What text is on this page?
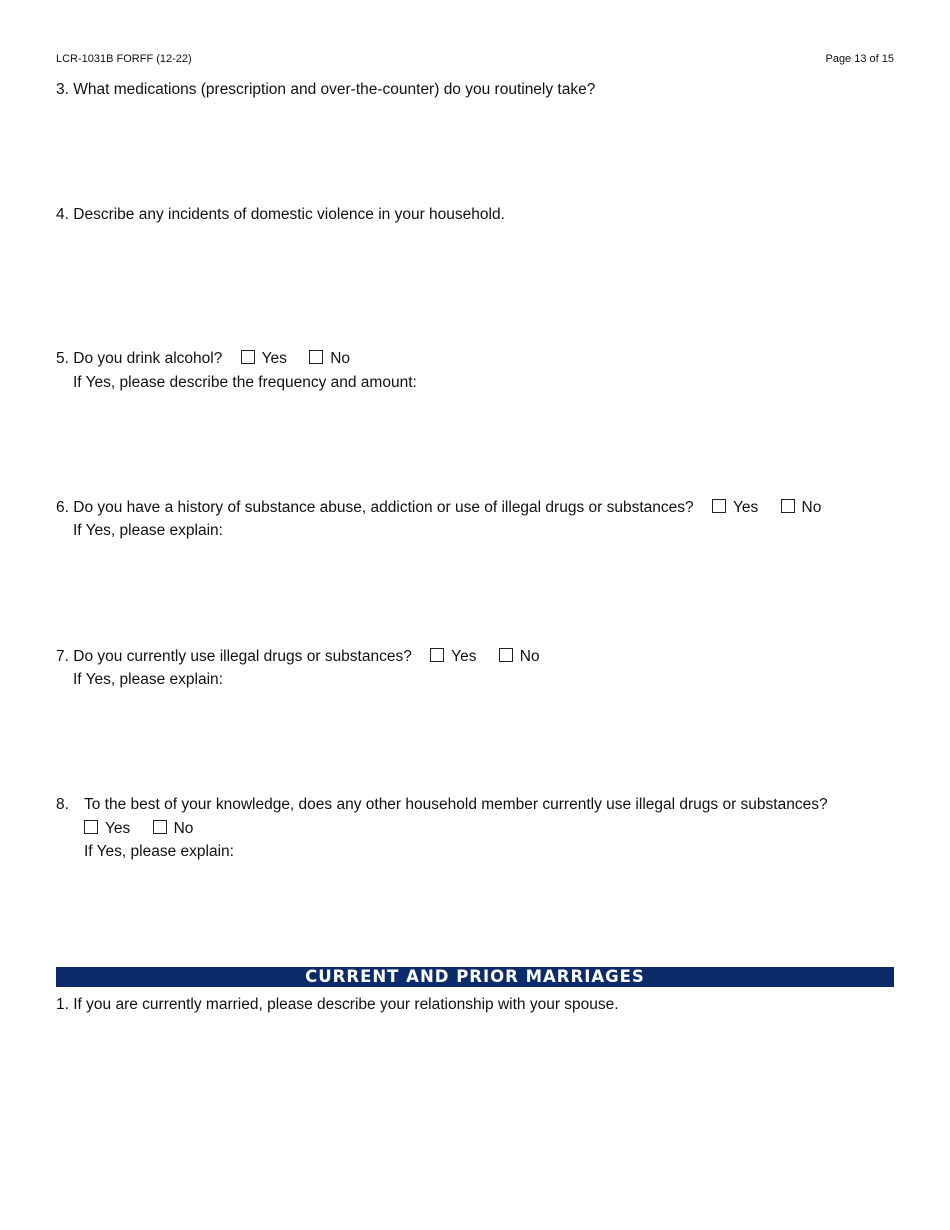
LCR-1031B FORFF (12-22)	Page 13 of 15
3. What medications (prescription and over-the-counter) do you routinely take?
4. Describe any incidents of domestic violence in your household.
5. Do you drink alcohol?	Yes	No
If Yes, please describe the frequency and amount:
6. Do you have a history of substance abuse, addiction or use of illegal drugs or substances?	Yes	No
If Yes, please explain:
7. Do you currently use illegal drugs or substances?	Yes	No
If Yes, please explain:
8. To the best of your knowledge, does any other household member currently use illegal drugs or substances?
Yes	No
If Yes, please explain:
CURRENT AND PRIOR MARRIAGES
1. If you are currently married, please describe your relationship with your spouse.
